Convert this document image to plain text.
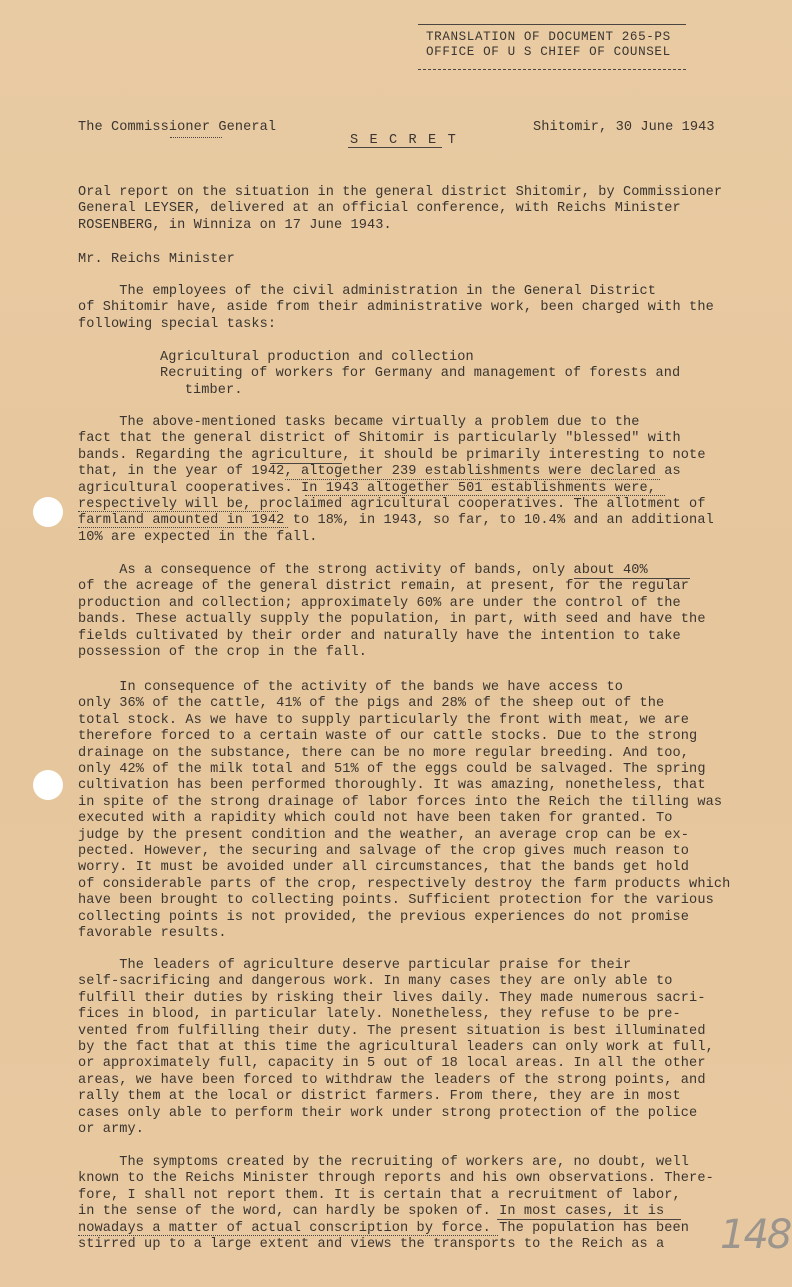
TRANSLATION OF DOCUMENT 265-PS
OFFICE OF U S CHIEF OF COUNSEL
The Commissioner General	Shitomir, 30 June 1943
S E C R E T
Oral report on the situation in the general district Shitomir, by Commissioner
General LEYSER, delivered at an official conference, with Reichs Minister
ROSENBERG, in Winniza on 17 June 1943.
Mr. Reichs Minister
The employees of the civil administration in the General District
of Shitomir have, aside from their administrative work, been charged with the
following special tasks:
Agricultural production and collection
Recruiting of workers for Germany and management of forests and
timber.
The above-mentioned tasks became virtually a problem due to the
fact that the general district of Shitomir is particularly "blessed" with
bands. Regarding the agriculture, it should be primarily interesting to note
that, in the year of 1942, altogether 239 establishments were declared as
agricultural cooperatives. In 1943 altogether 501 establishments were,
respectively will be, proclaimed agricultural cooperatives. The allotment of
farmland amounted in 1942 to 18%, in 1943, so far, to 10.4% and an additional
10% are expected in the fall.
As a consequence of the strong activity of bands, only about 40%
of the acreage of the general district remain, at present, for the regular
production and collection; approximately 60% are under the control of the
bands. These actually supply the population, in part, with seed and have the
fields cultivated by their order and naturally have the intention to take
possession of the crop in the fall.
In consequence of the activity of the bands we have access to
only 36% of the cattle, 41% of the pigs and 28% of the sheep out of the
total stock. As we have to supply particularly the front with meat, we are
therefore forced to a certain waste of our cattle stocks. Due to the strong
drainage on the substance, there can be no more regular breeding. And too,
only 42% of the milk total and 51% of the eggs could be salvaged. The spring
cultivation has been performed thoroughly. It was amazing, nonetheless, that
in spite of the strong drainage of labor forces into the Reich the tilling was
executed with a rapidity which could not have been taken for granted. To
judge by the present condition and the weather, an average crop can be ex-
pected. However, the securing and salvage of the crop gives much reason to
worry. It must be avoided under all circumstances, that the bands get hold
of considerable parts of the crop, respectively destroy the farm products which
have been brought to collecting points. Sufficient protection for the various
collecting points is not provided, the previous experiences do not promise
favorable results.
The leaders of agriculture deserve particular praise for their
self-sacrificing and dangerous work. In many cases they are only able to
fulfill their duties by risking their lives daily. They made numerous sacri-
fices in blood, in particular lately. Nonetheless, they refuse to be pre-
vented from fulfilling their duty. The present situation is best illuminated
by the fact that at this time the agricultural leaders can only work at full,
or approximately full, capacity in 5 out of 18 local areas. In all the other
areas, we have been forced to withdraw the leaders of the strong points, and
rally them at the local or district farmers. From there, they are in most
cases only able to perform their work under strong protection of the police
or army.
The symptoms created by the recruiting of workers are, no doubt, well
known to the Reichs Minister through reports and his own observations. There-
fore, I shall not report them. It is certain that a recruitment of labor,
in the sense of the word, can hardly be spoken of. In most cases, it is
nowadays a matter of actual conscription by force. The population has been
stirred up to a large extent and views the transports to the Reich as a	148
